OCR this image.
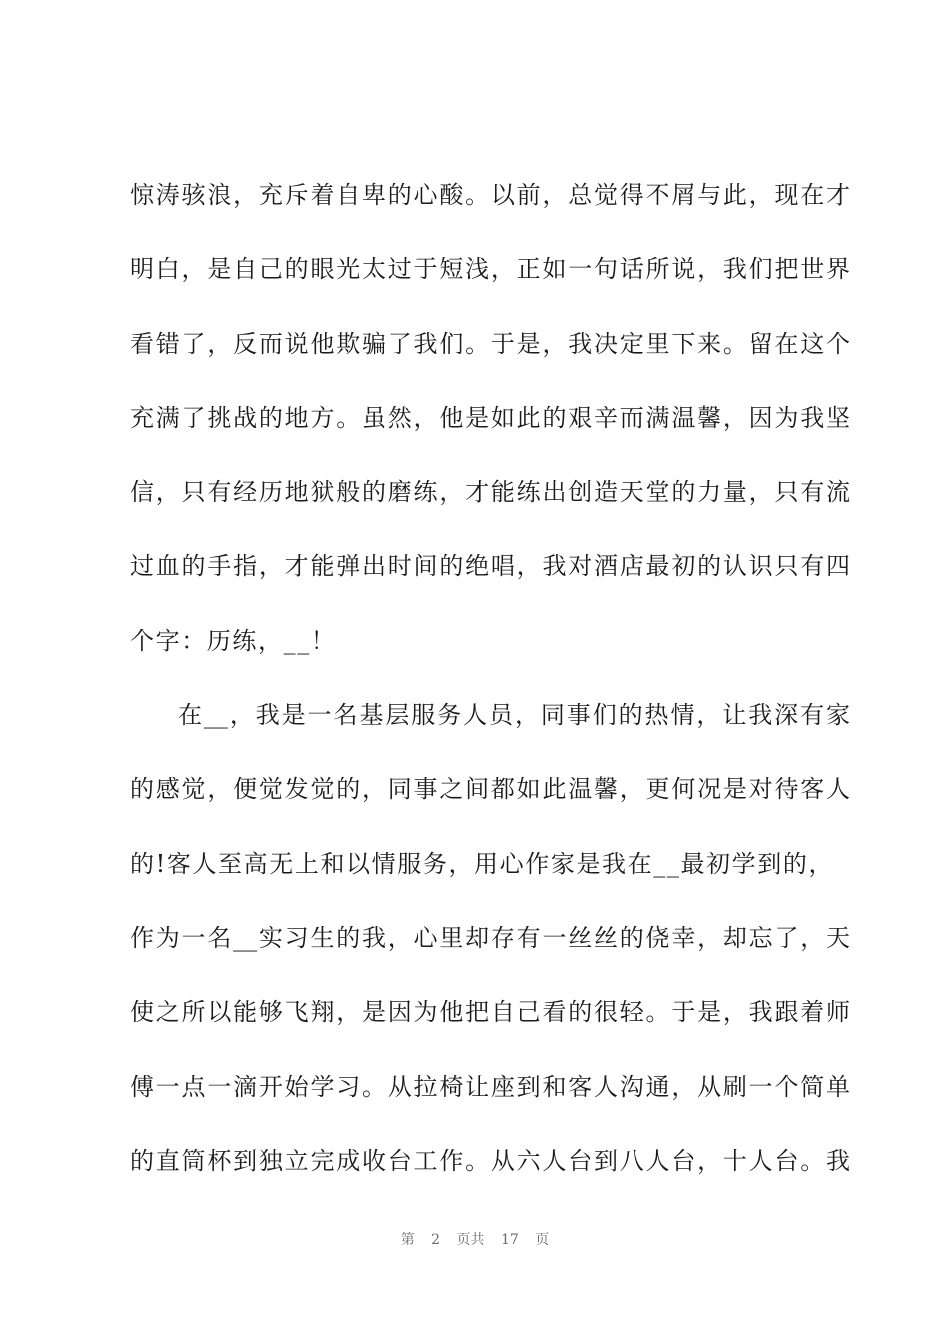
惊涛骇浪，充斥着自卑的心酸。以前，总觉得不屑与此，现在才
明白，是自己的眼光太过于短浅，正如一句话所说，我们把世界
看错了，反而说他欺骗了我们。于是，我决定里下来。留在这个
充满了挑战的地方。虽然，他是如此的艰辛而满温馨，因为我坚
信，只有经历地狱般的磨练，才能练出创造天堂的力量，只有流
过血的手指，才能弹出时间的绝唱，我对酒店最初的认识只有四
个字：历练，__！
在__，我是一名基层服务人员，同事们的热情，让我深有家
的感觉，便觉发觉的，同事之间都如此温馨，更何况是对待客人
的!客人至高无上和以情服务，用心作家是我在__最初学到的，
作为一名__实习生的我，心里却存有一丝丝的侥幸，却忘了，天
使之所以能够飞翔，是因为他把自己看的很轻。于是，我跟着师
傅一点一滴开始学习。从拉椅让座到和客人沟通，从刷一个简单
的直筒杯到独立完成收台工作。从六人台到八人台，十人台。我
第 2 页共 17 页
